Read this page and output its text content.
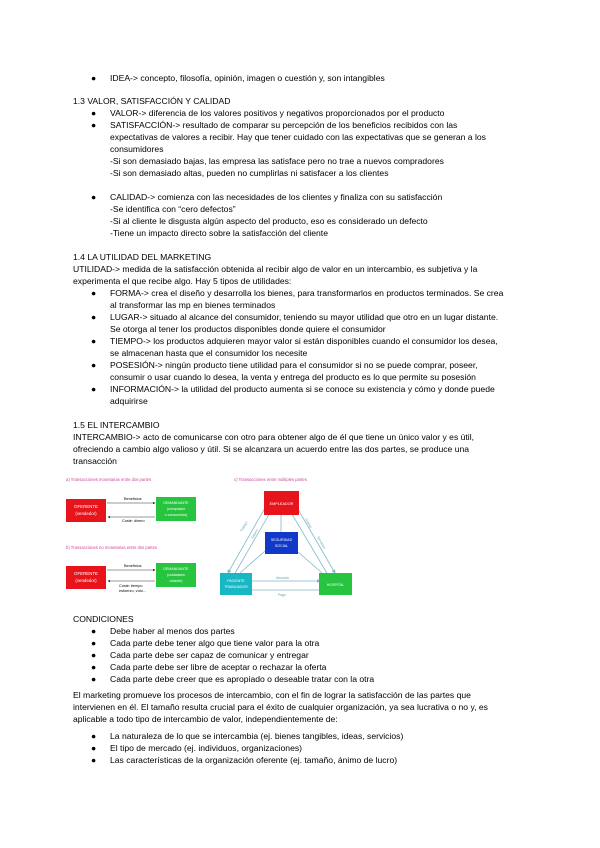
● IDEA-> concepto, filosofía, opinión, imagen o cuestión y, son intangibles
1.3 VALOR, SATISFACCIÓN Y CALIDAD
● VALOR-> diferencia de los valores positivos y negativos proporcionados por el producto
● SATISFACCIÓN-> resultado de comparar su percepción de los beneficios recibidos con las
expectativas de valores a recibir. Hay que tener cuidado con las expectativas que se generan a los
consumidores
-Si son demasiado bajas, las empresa las satisface pero no trae a nuevos compradores
-Si son demasiado altas, pueden no cumplirlas ni satisfacer a los clientes
● CALIDAD-> comienza con las necesidades de los clientes y finaliza con su satisfacción
-Se identifica con “cero defectos”
-Si al cliente le disgusta algún aspecto del producto, eso es considerado un defecto
-Tiene un impacto directo sobre la satisfacción del cliente
1.4 LA UTILIDAD DEL MARKETING
UTILIDAD-> medida de la satisfacción obtenida al recibir algo de valor en un intercambio, es subjetiva y la
experimenta el que recibe algo. Hay 5 tipos de utilidades:
● FORMA-> crea el diseño y desarrolla los bienes, para transformarlos en productos terminados. Se crea
al transformar las mp en bienes terminados
● LUGAR-> situado al alcance del consumidor, teniendo su mayor utilidad que otro en un lugar distante.
Se otorga al tener los productos disponibles donde quiere el consumidor
● TIEMPO-> los productos adquieren mayor valor si están disponibles cuando el consumidor los desea,
se almacenan hasta que el consumidor los necesite
● POSESIÓN-> ningún producto tiene utilidad para el consumidor si no se puede comprar, poseer,
consumir o usar cuando lo desea, la venta y entrega del producto es lo que permite su posesión
● INFORMACIÓN-> la utilidad del producto aumenta si se conoce su existencia y cómo y donde puede
adquirirse
1.5 EL INTERCAMBIO
INTERCAMBIO-> acto de comunicarse con otro para obtener algo de él que tiene un único valor y es útil,
ofreciendo a cambio algo valioso y útil. Si se alcanzara un acuerdo entre las dos partes, se produce una
transacción
a) Transacciones monetarias entre dos partes
b) Transacciones no monetarias entre dos partes
c) Transacciones entre múltiples partes
OFERENTE
(vendedor)
Beneficios
Coste: dinero
DEMANDANTE
(comprador
o consumidor)
OFERENTE
(vendedor)
Beneficios
Coste: tiempo
esfuerzo, voto...
DEMANDANTE
(ciudadano
votante)
Trabajo
Salario
Cuotas
Servicios
Atención
Pago
EMPLEADOR
SEGURIDAD
SOCIAL
PACIENTE
TRABAJADOR	HOSPITAL
CONDICIONES
● Debe haber al menos dos partes
● Cada parte debe tener algo que tiene valor para la otra
● Cada parte debe ser capaz de comunicar y entregar
● Cada parte debe ser libre de aceptar o rechazar la oferta
● Cada parte debe creer que es apropiado o deseable tratar con la otra
El marketing promueve los procesos de intercambio, con el fin de lograr la satisfacción de las partes que
intervienen en él. El tamaño resulta crucial para el éxito de cualquier organización, ya sea lucrativa o no y, es
aplicable a todo tipo de intercambio de valor, independientemente de:
● La naturaleza de lo que se intercambia (ej. bienes tangibles, ideas, servicios)
● El tipo de mercado (ej. individuos, organizaciones)
● Las características de la organización oferente (ej. tamaño, ánimo de lucro)
